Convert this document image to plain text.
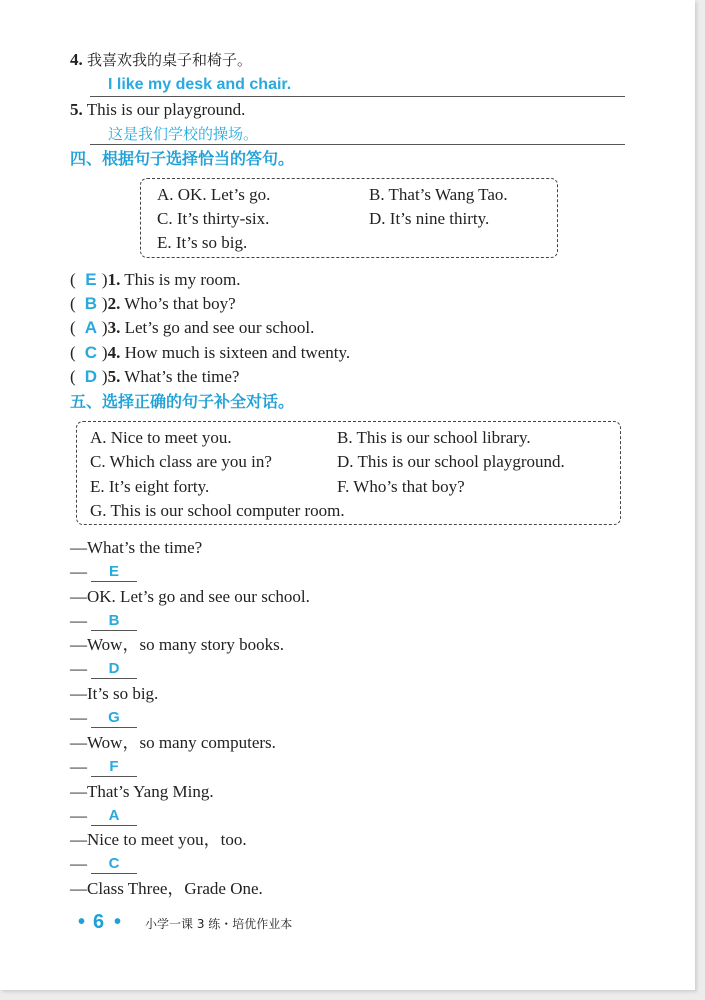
4. 我喜欢我的桌子和椅子。
I like my desk and chair.
5. This is our playground.
这是我们学校的操场。
四、根据句子选择恰当的答句。
A. OK. Let’s go.	B. That’s Wang Tao.
C. It’s thirty-six.	D. It’s nine thirty.
E. It’s so big.
( E )1. This is my room.
( B )2. Who’s that boy?
( A )3. Let’s go and see our school.
( C )4. How much is sixteen and twenty.
( D )5. What’s the time?
五、选择正确的句子补全对话。
A. Nice to meet you.	B. This is our school library.
C. Which class are you in?	D. This is our school playground.
E. It’s eight forty.	F. Who’s that boy?
G. This is our school computer room.
—What’s the time?
—	E
—OK. Let’s go and see our school.
—	B
—Wow，so many story books.
—	D
—It’s so big.
—	G
—Wow，so many computers.
—	F
—That’s Yang Ming.
—	A
—Nice to meet you，too.
—	C
—Class Three，Grade One.
• 6 • 小学一课 3 练・培优作业本
